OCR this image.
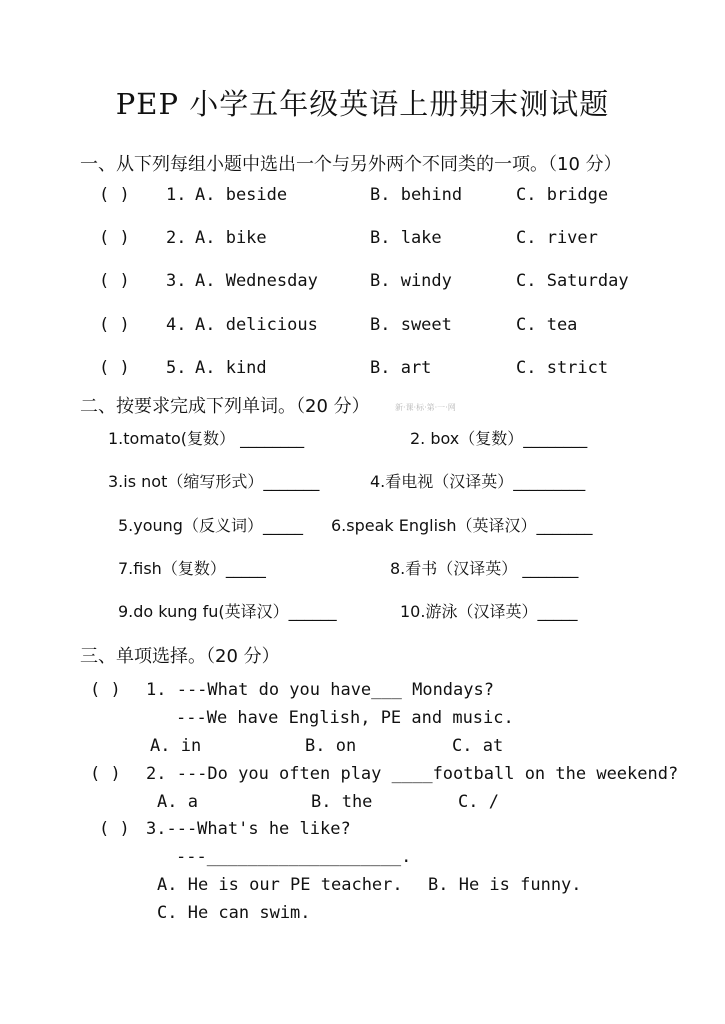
PEP 小学五年级英语上册期末测试题
一、从下列每组小题中选出一个与另外两个不同类的一项。（10 分）
( ) 1. A. beside	B. behind	C. bridge
( ) 2. A. bike	B. lake	C. river
( ) 3. A. Wednesday	B. windy	C. Saturday
( ) 4. A. delicious	B. sweet	C. tea
( ) 5. A. kind	B. art	C. strict
二、按要求完成下列单词。（20 分）	新·课·标·第·一·网
1.tomato(复数） ________	2. box（复数）________
3.is not（缩写形式）_______	4.看电视（汉译英）_________
5.young（反义词）_____ 6.speak English（英译汉）_______
7.fish（复数）_____	8.看书（汉译英） _______
9.do kung fu(英译汉）______	10.游泳（汉译英）_____
三、单项选择。（20 分）
( ) 1. ---What do you have___ Mondays?
---We have English, PE and music.
A. in	B. on	C. at
( ) 2. ---Do you often play ____football on the weekend?
A. a	B. the	C. /
( ) 3.---What's he like?
---___________________.
A. He is our PE teacher. B. He is funny.
C. He can swim.
